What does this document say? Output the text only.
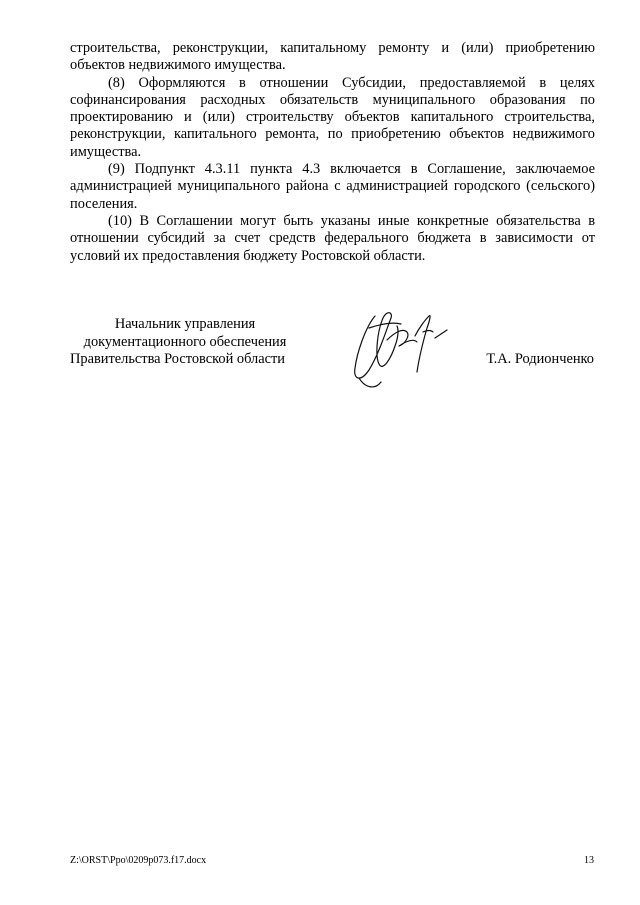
строительства, реконструкции, капитальному ремонту и (или) приобретению объектов недвижимого имущества.

(8) Оформляются в отношении Субсидии, предоставляемой в целях софинансирования расходных обязательств муниципального образования по проектированию и (или) строительству объектов капитального строительства, реконструкции, капитального ремонта, по приобретению объектов недвижимого имущества.

(9) Подпункт 4.3.11 пункта 4.3 включается в Соглашение, заключаемое администрацией муниципального района с администрацией городского (сельского) поселения.

(10) В Соглашении могут быть указаны иные конкретные обязательства в отношении субсидий за счет средств федерального бюджета в зависимости от условий их предоставления бюджету Ростовской области.

Начальник управления
документационного обеспечения
Правительства Ростовской области	Т.А. Родионченко
Z:\ORST\Ppo\0209p073.f17.docx	13
